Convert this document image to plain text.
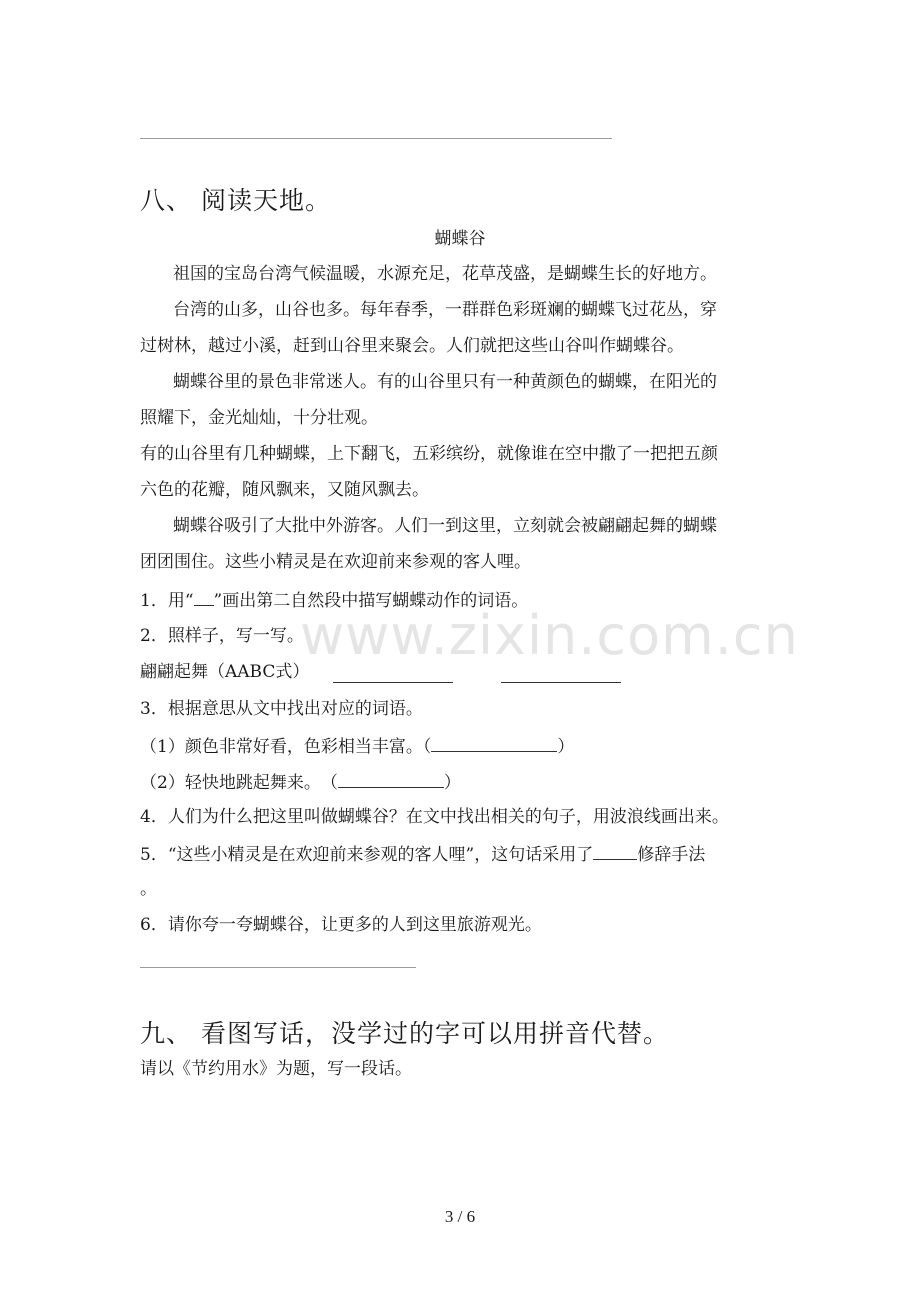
八、 阅读天地。
蝴蝶谷
祖国的宝岛台湾气候温暖，水源充足，花草茂盛，是蝴蝶生长的好地方。
台湾的山多，山谷也多。每年春季，一群群色彩斑斓的蝴蝶飞过花丛，穿
过树林，越过小溪，赶到山谷里来聚会。人们就把这些山谷叫作蝴蝶谷。
蝴蝶谷里的景色非常迷人。有的山谷里只有一种黄颜色的蝴蝶，在阳光的
照耀下，金光灿灿，十分壮观。
有的山谷里有几种蝴蝶，上下翻飞，五彩缤纷，就像谁在空中撒了一把把五颜
六色的花瓣，随风飘来，又随风飘去。
蝴蝶谷吸引了大批中外游客。人们一到这里，立刻就会被翩翩起舞的蝴蝶
团团围住。这些小精灵是在欢迎前来参观的客人哩。
1．用“ ”画出第二自然段中描写蝴蝶动作的词语。
2．照样子，写一写。
翩翩起舞（AABC式）
3．根据意思从文中找出对应的词语。
（1）颜色非常好看，色彩相当丰富。（	）
（2）轻快地跳起舞来。　（	）
4．人们为什么把这里叫做蝴蝶谷？在文中找出相关的句子，用波浪线画出来。
5．“这些小精灵是在欢迎前来参观的客人哩”，这句话采用了	修辞手法
。
6．请你夸一夸蝴蝶谷，让更多的人到这里旅游观光。
九、 看图写话，没学过的字可以用拼音代替。
请以《节约用水》为题，写一段话。
www.zixin.com.cn
3 / 6
